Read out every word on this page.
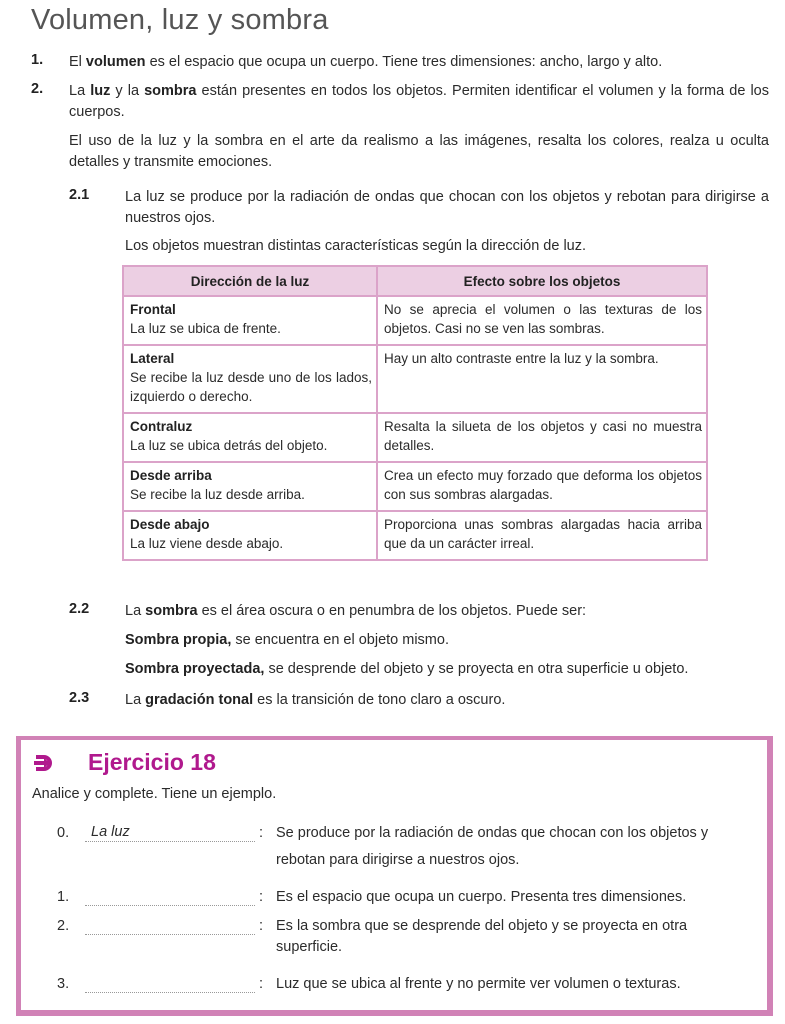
Volumen, luz y sombra
1. El volumen es el espacio que ocupa un cuerpo. Tiene tres dimensiones: ancho, largo y alto.
2. La luz y la sombra están presentes en todos los objetos. Permiten identificar el volumen y la forma de los cuerpos.
El uso de la luz y la sombra en el arte da realismo a las imágenes, resalta los colores, realza u oculta detalles y transmite emociones.
2.1 La luz se produce por la radiación de ondas que chocan con los objetos y rebotan para dirigirse a nuestros ojos.
Los objetos muestran distintas características según la dirección de luz.
Dirección de la luz	Efecto sobre los objetos
Frontal
La luz se ubica de frente.	No se aprecia el volumen o las texturas de los objetos. Casi no se ven las sombras.
Lateral
Se recibe la luz desde uno de los lados, izquierdo o derecho.	Hay un alto contraste entre la luz y la sombra.
Contraluz
La luz se ubica detrás del objeto.	Resalta la silueta de los objetos y casi no muestra detalles.
Desde arriba
Se recibe la luz desde arriba.	Crea un efecto muy forzado que deforma los objetos con sus sombras alargadas.
Desde abajo
La luz viene desde abajo.	Proporciona unas sombras alargadas hacia arriba que da un carácter irreal.
2.2 La sombra es el área oscura o en penumbra de los objetos. Puede ser:
Sombra propia, se encuentra en el objeto mismo.
Sombra proyectada, se desprende del objeto y se proyecta en otra superficie u objeto.
2.3 La gradación tonal es la transición de tono claro a oscuro.
Ejercicio 18
Analice y complete. Tiene un ejemplo.
0.	La luz	: Se produce por la radiación de ondas que chocan con los objetos y rebotan para dirigirse a nuestros ojos.
1.	: Es el espacio que ocupa un cuerpo. Presenta tres dimensiones.
2.	: Es la sombra que se desprende del objeto y se proyecta en otra superficie.
3.	: Luz que se ubica al frente y no permite ver volumen o texturas.
